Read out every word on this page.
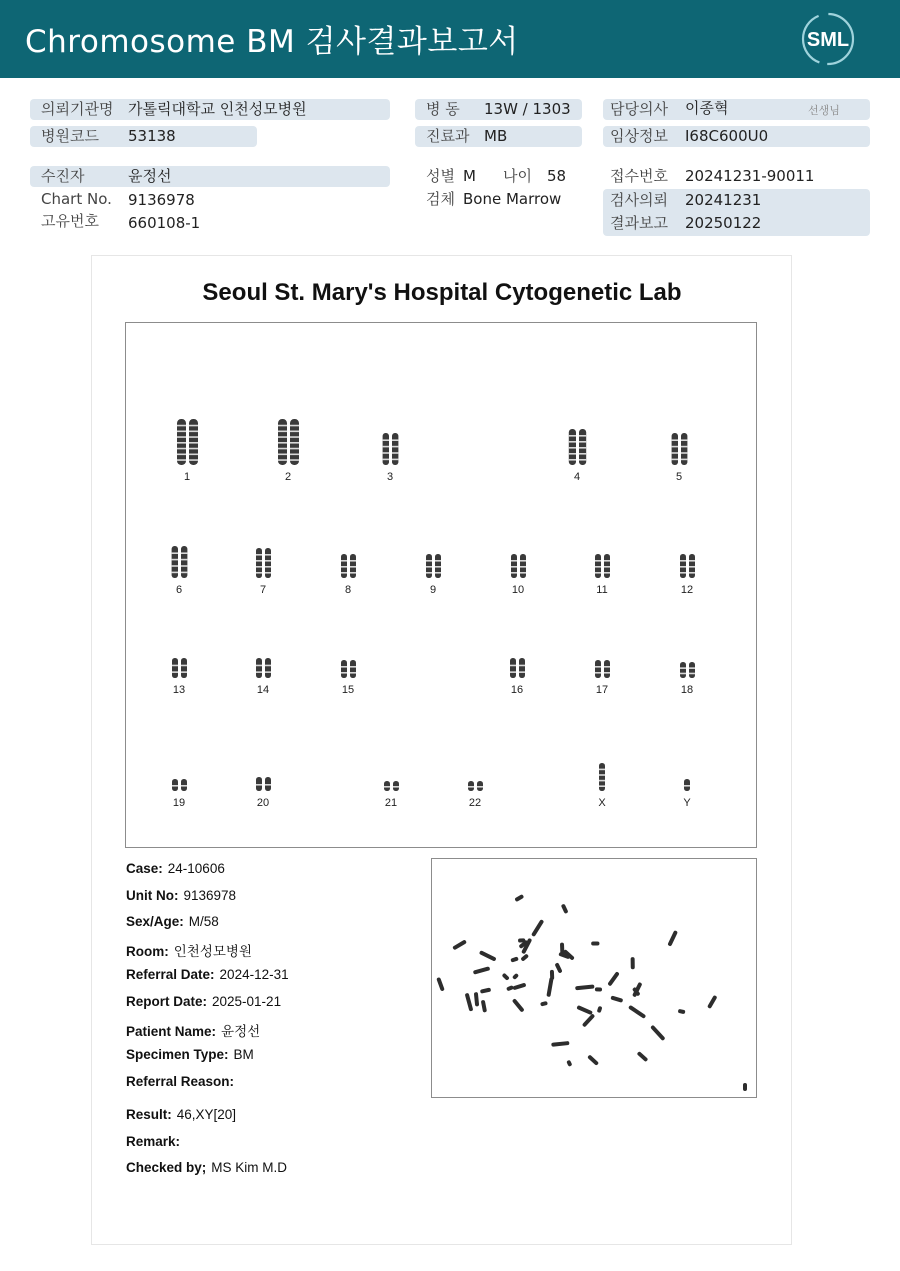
Chromosome BM 검사결과보고서	SML
의뢰기관명 가톨릭대학교 인천성모병원	병 동 13W / 1303	담당의사 이종혁	선생님
병원코드 53138	진료과 MB	임상정보 I68C600U0
수진자	윤정선	성별 M 나이 58	접수번호 20241231-90011
Chart No. 9136978	검체 Bone Marrow	검사의뢰 20241231
고유번호 660108-1	결과보고 20250122
Seoul St. Mary's Hospital Cytogenetic Lab
1	2	3	4	5
6	7	8	9	10	11	12
13	14	15	16	17	18
19	20	21	22	X	Y
Case: 24-10606
Unit No: 9136978
Sex/Age: M/58
Room: 인천성모병원
Referral Date: 2024-12-31
Report Date: 2025-01-21
Patient Name: 윤정선
Specimen Type: BM
Referral Reason:
Result: 46,XY[20]
Remark:
Checked by; MS Kim M.D
